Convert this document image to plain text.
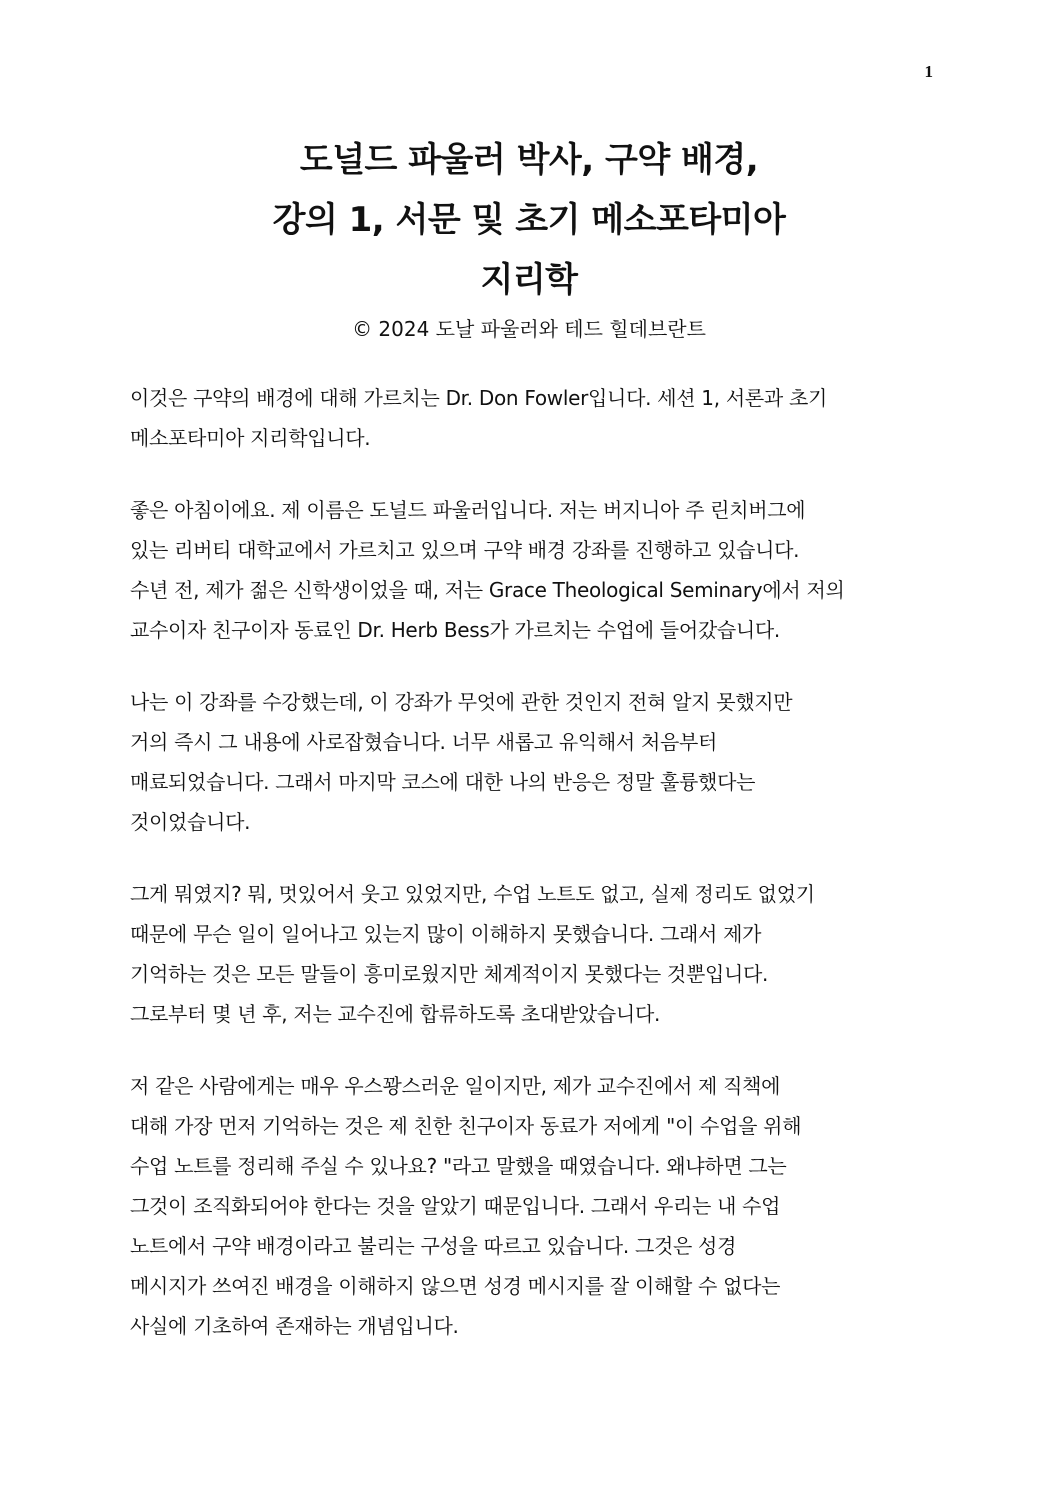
1
도널드 파울러 박사, 구약 배경,
강의 1, 서문 및 초기 메소포타미아
지리학
© 2024 도날 파울러와 테드 힐데브란트

이것은 구약의 배경에 대해 가르치는 Dr. Don Fowler입니다. 세션 1, 서론과 초기
메소포타미아 지리학입니다.

좋은 아침이에요. 제 이름은 도널드 파울러입니다. 저는 버지니아 주 린치버그에
있는 리버티 대학교에서 가르치고 있으며 구약 배경 강좌를 진행하고 있습니다.
수년 전, 제가 젊은 신학생이었을 때, 저는 Grace Theological Seminary에서 저의
교수이자 친구이자 동료인 Dr. Herb Bess가 가르치는 수업에 들어갔습니다.

나는 이 강좌를 수강했는데, 이 강좌가 무엇에 관한 것인지 전혀 알지 못했지만
거의 즉시 그 내용에 사로잡혔습니다. 너무 새롭고 유익해서 처음부터
매료되었습니다. 그래서 마지막 코스에 대한 나의 반응은 정말 훌륭했다는
것이었습니다.

그게 뭐였지? 뭐, 멋있어서 웃고 있었지만, 수업 노트도 없고, 실제 정리도 없었기
때문에 무슨 일이 일어나고 있는지 많이 이해하지 못했습니다. 그래서 제가
기억하는 것은 모든 말들이 흥미로웠지만 체계적이지 못했다는 것뿐입니다.
그로부터 몇 년 후, 저는 교수진에 합류하도록 초대받았습니다.

저 같은 사람에게는 매우 우스꽝스러운 일이지만, 제가 교수진에서 제 직책에
대해 가장 먼저 기억하는 것은 제 친한 친구이자 동료가 저에게 "이 수업을 위해
수업 노트를 정리해 주실 수 있나요? "라고 말했을 때였습니다. 왜냐하면 그는
그것이 조직화되어야 한다는 것을 알았기 때문입니다. 그래서 우리는 내 수업
노트에서 구약 배경이라고 불리는 구성을 따르고 있습니다. 그것은 성경
메시지가 쓰여진 배경을 이해하지 않으면 성경 메시지를 잘 이해할 수 없다는
사실에 기초하여 존재하는 개념입니다.
